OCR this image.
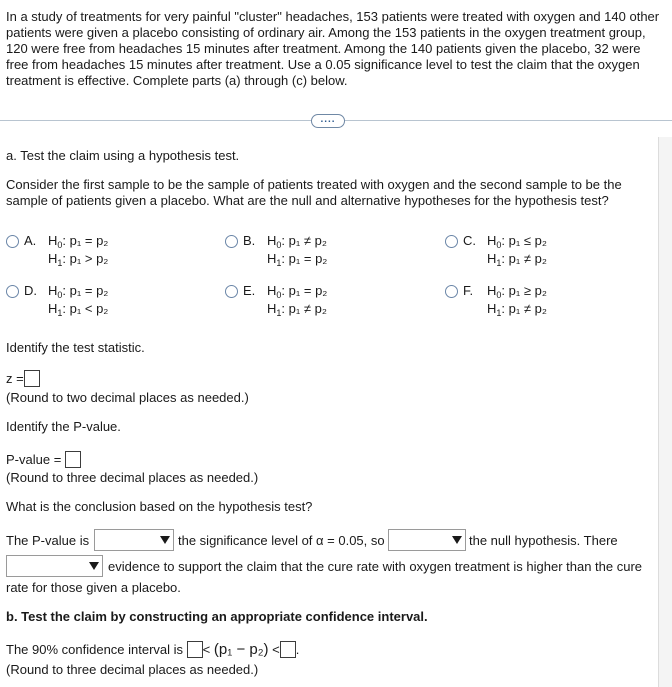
In a study of treatments for very painful "cluster" headaches, 153 patients were treated with oxygen and 140 other patients were given a placebo consisting of ordinary air. Among the 153 patients in the oxygen treatment group, 120 were free from headaches 15 minutes after treatment. Among the 140 patients given the placebo, 32 were free from headaches 15 minutes after treatment. Use a 0.05 significance level to test the claim that the oxygen treatment is effective. Complete parts (a) through (c) below.

....

a. Test the claim using a hypothesis test.

Consider the first sample to be the sample of patients treated with oxygen and the second sample to be the sample of patients given a placebo. What are the null and alternative hypotheses for the hypothesis test?

A. $H_0$: p₁ = p₂
$H_1$: p₁ > p₂
B. $H_0$: p₁ ≠ p₂
$H_1$: p₁ = p₂
C. $H_0$: p₁ ≤ p₂
$H_1$: p₁ ≠ p₂
D. $H_0$: p₁ = p₂
$H_1$: p₁ < p₂
E. $H_0$: p₁ = p₂
$H_1$: p₁ ≠ p₂
F. $H_0$: p₁ ≥ p₂
$H_1$: p₁ ≠ p₂

Identify the test statistic.

z =

(Round to two decimal places as needed.)

Identify the P-value.

P-value =

(Round to three decimal places as needed.)

What is the conclusion based on the hypothesis test?

The P-value is	the significance level of α = 0.05, so	the null hypothesis. There

evidence to support the claim that the cure rate with oxygen treatment is higher than the cure

rate for those given a placebo.

b. Test the claim by constructing an appropriate confidence interval.

The 90% confidence interval is < (p₁ − p₂) < .

(Round to three decimal places as needed.)
